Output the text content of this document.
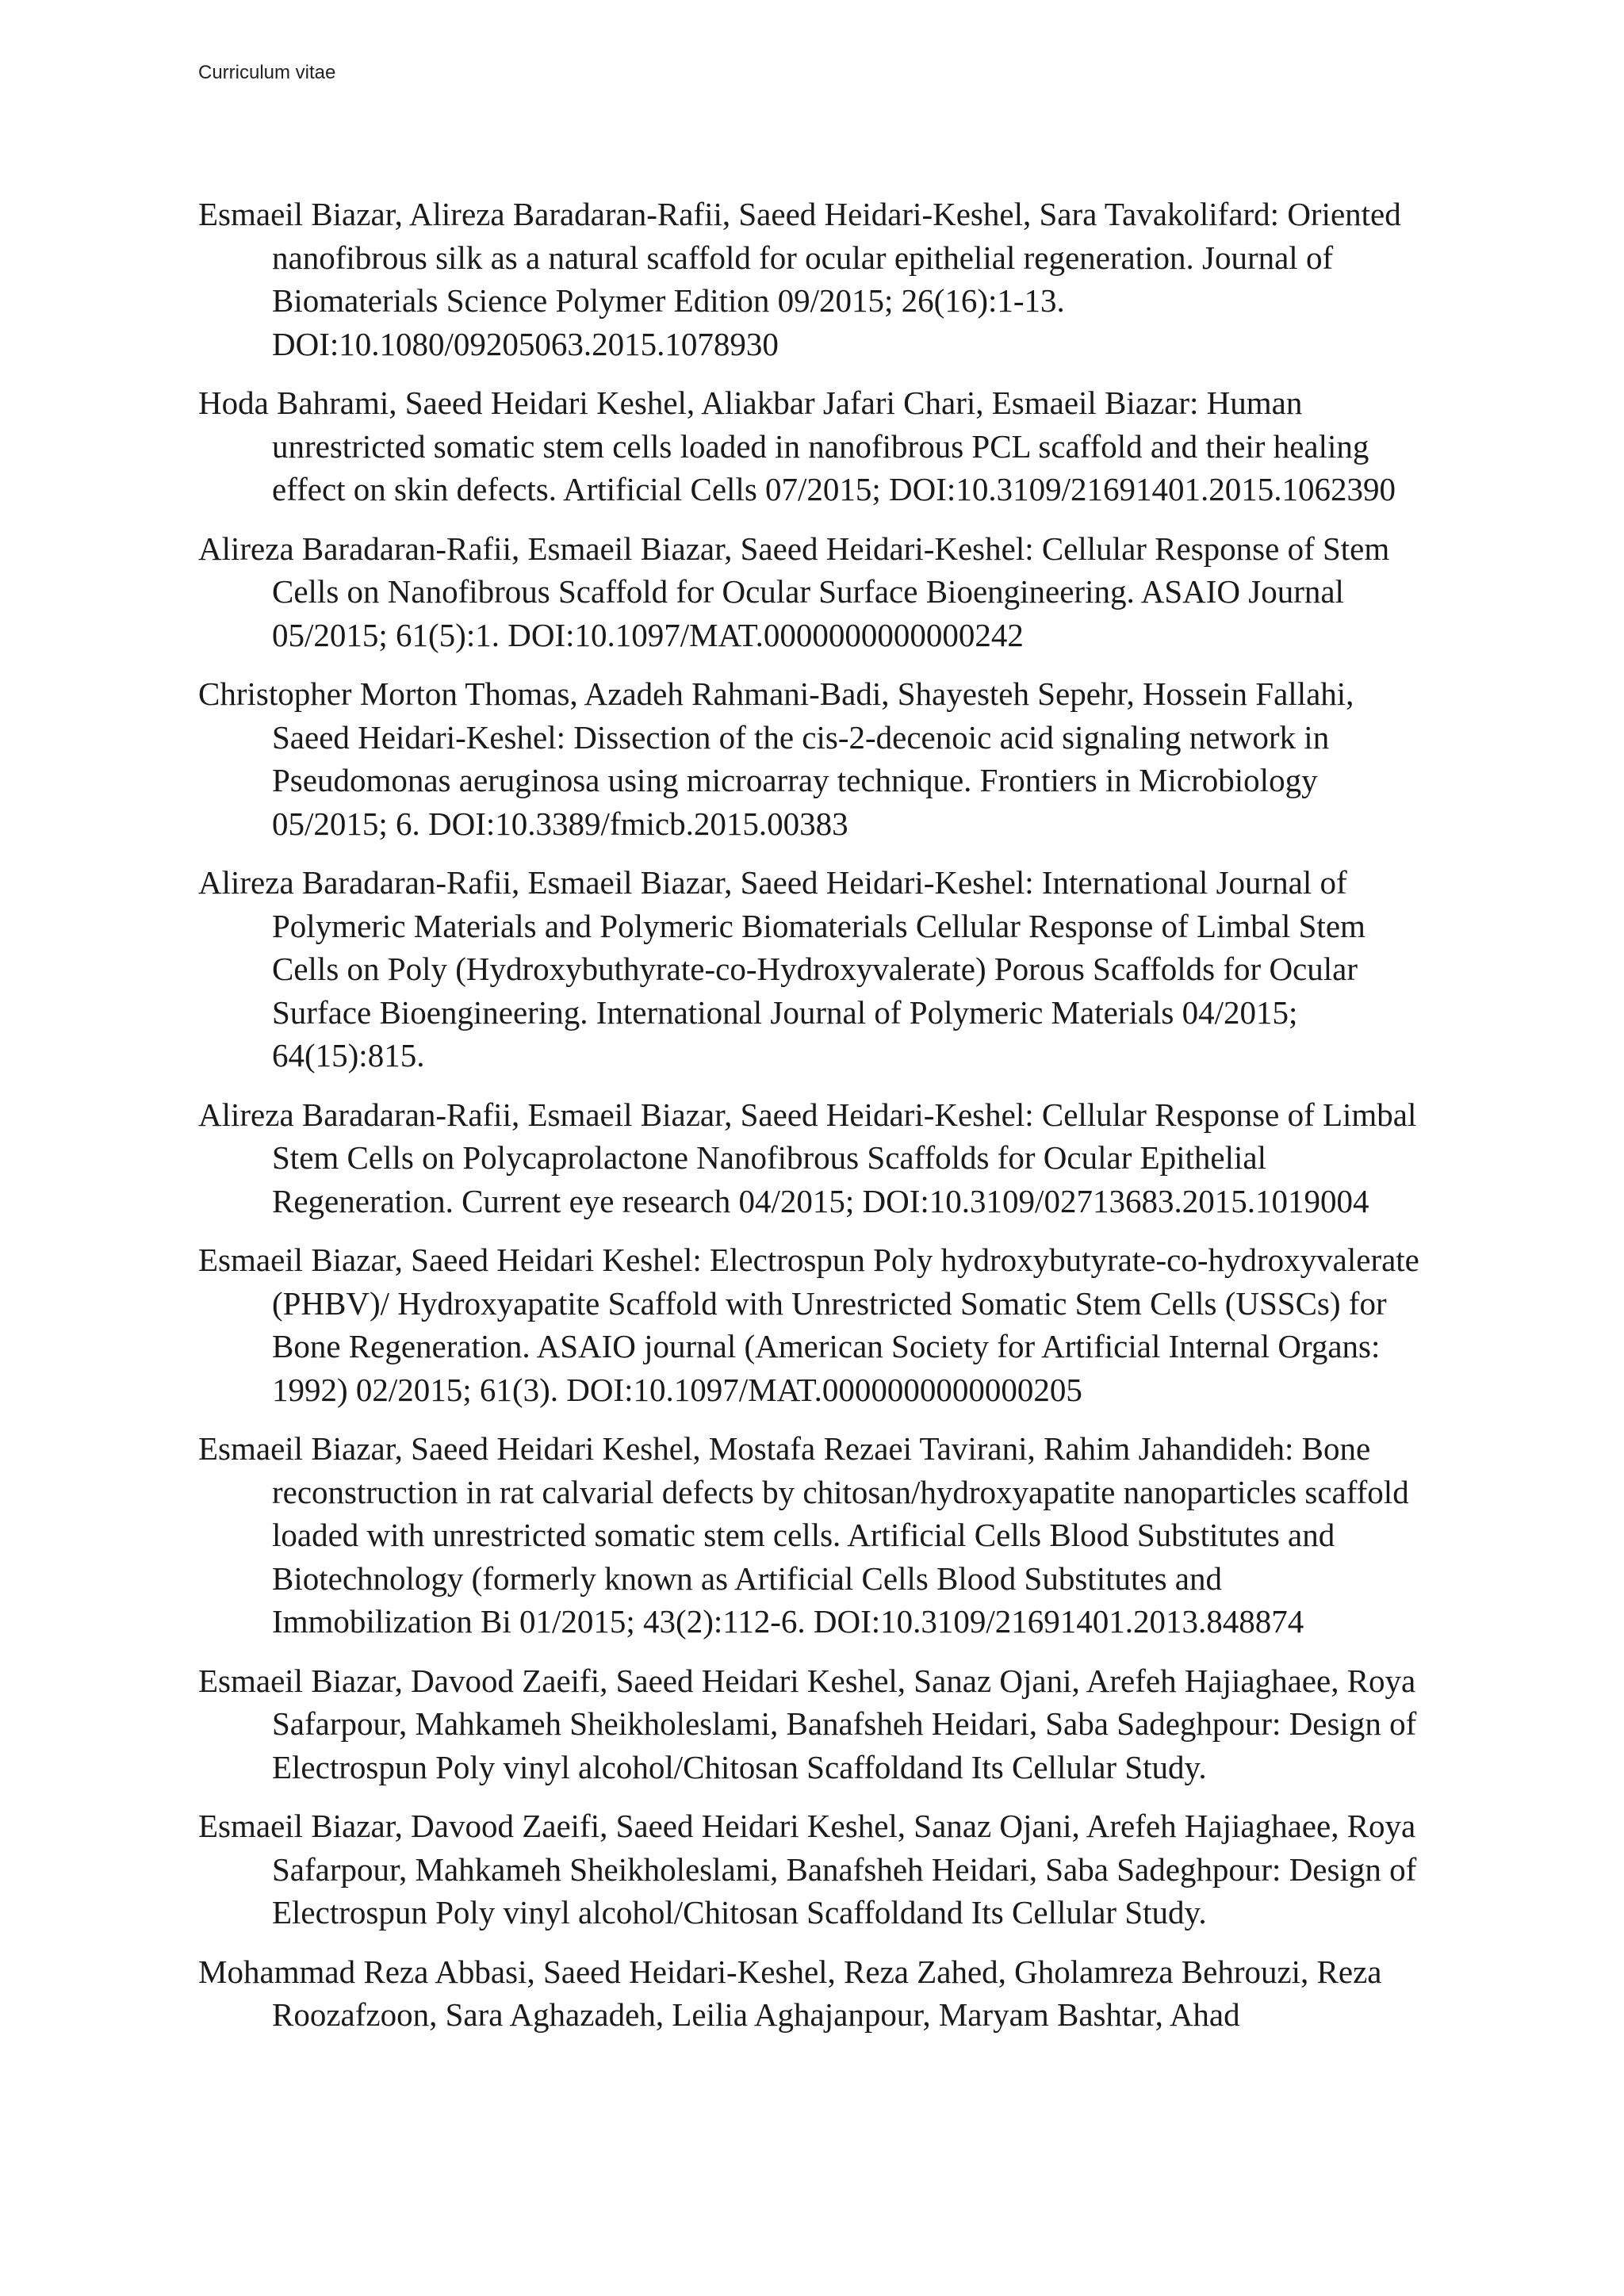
Curriculum vitae

Esmaeil Biazar, Alireza Baradaran-Rafii, Saeed Heidari-Keshel, Sara Tavakolifard: Oriented
nanofibrous silk as a natural scaffold for ocular epithelial regeneration. Journal of
Biomaterials Science Polymer Edition 09/2015; 26(16):1-13.
DOI:10.1080/09205063.2015.1078930
Hoda Bahrami, Saeed Heidari Keshel, Aliakbar Jafari Chari, Esmaeil Biazar: Human
unrestricted somatic stem cells loaded in nanofibrous PCL scaffold and their healing
effect on skin defects. Artificial Cells 07/2015; DOI:10.3109/21691401.2015.1062390
Alireza Baradaran-Rafii, Esmaeil Biazar, Saeed Heidari-Keshel: Cellular Response of Stem
Cells on Nanofibrous Scaffold for Ocular Surface Bioengineering. ASAIO Journal
05/2015; 61(5):1. DOI:10.1097/MAT.0000000000000242
Christopher Morton Thomas, Azadeh Rahmani-Badi, Shayesteh Sepehr, Hossein Fallahi,
Saeed Heidari-Keshel: Dissection of the cis-2-decenoic acid signaling network in
Pseudomonas aeruginosa using microarray technique. Frontiers in Microbiology
05/2015; 6. DOI:10.3389/fmicb.2015.00383
Alireza Baradaran-Rafii, Esmaeil Biazar, Saeed Heidari-Keshel: International Journal of
Polymeric Materials and Polymeric Biomaterials Cellular Response of Limbal Stem
Cells on Poly (Hydroxybuthyrate-co-Hydroxyvalerate) Porous Scaffolds for Ocular
Surface Bioengineering. International Journal of Polymeric Materials 04/2015;
64(15):815.
Alireza Baradaran-Rafii, Esmaeil Biazar, Saeed Heidari-Keshel: Cellular Response of Limbal
Stem Cells on Polycaprolactone Nanofibrous Scaffolds for Ocular Epithelial
Regeneration. Current eye research 04/2015; DOI:10.3109/02713683.2015.1019004
Esmaeil Biazar, Saeed Heidari Keshel: Electrospun Poly hydroxybutyrate-co-hydroxyvalerate
(PHBV)/ Hydroxyapatite Scaffold with Unrestricted Somatic Stem Cells (USSCs) for
Bone Regeneration. ASAIO journal (American Society for Artificial Internal Organs:
1992) 02/2015; 61(3). DOI:10.1097/MAT.0000000000000205
Esmaeil Biazar, Saeed Heidari Keshel, Mostafa Rezaei Tavirani, Rahim Jahandideh: Bone
reconstruction in rat calvarial defects by chitosan/hydroxyapatite nanoparticles scaffold
loaded with unrestricted somatic stem cells. Artificial Cells Blood Substitutes and
Biotechnology (formerly known as Artificial Cells Blood Substitutes and
Immobilization Bi 01/2015; 43(2):112-6. DOI:10.3109/21691401.2013.848874
Esmaeil Biazar, Davood Zaeifi, Saeed Heidari Keshel, Sanaz Ojani, Arefeh Hajiaghaee, Roya
Safarpour, Mahkameh Sheikholeslami, Banafsheh Heidari, Saba Sadeghpour: Design of
Electrospun Poly vinyl alcohol/Chitosan Scaffoldand Its Cellular Study.
Esmaeil Biazar, Davood Zaeifi, Saeed Heidari Keshel, Sanaz Ojani, Arefeh Hajiaghaee, Roya
Safarpour, Mahkameh Sheikholeslami, Banafsheh Heidari, Saba Sadeghpour: Design of
Electrospun Poly vinyl alcohol/Chitosan Scaffoldand Its Cellular Study.
Mohammad Reza Abbasi, Saeed Heidari-Keshel, Reza Zahed, Gholamreza Behrouzi, Reza
Roozafzoon, Sara Aghazadeh, Leilia Aghajanpour, Maryam Bashtar, Ahad
